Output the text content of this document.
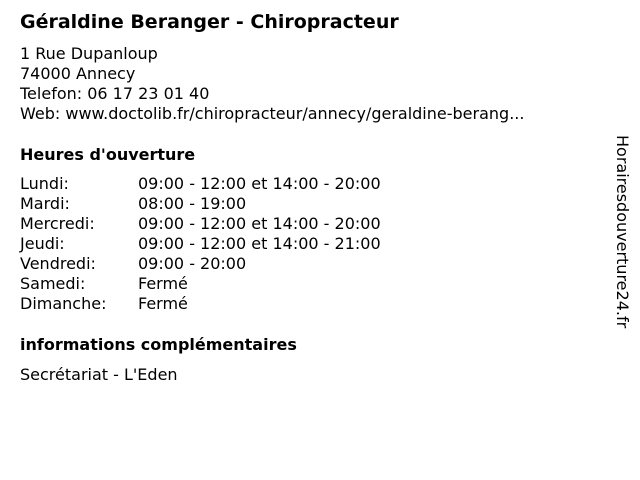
Géraldine Beranger - Chiropracteur
1 Rue Dupanloup
74000 Annecy
Telefon: 06 17 23 01 40
Web: www.doctolib.fr/chiropracteur/annecy/geraldine-berang...
Heures d'ouverture
Lundi:	09:00 - 12:00 et 14:00 - 20:00
Mardi:	08:00 - 19:00
Mercredi:	09:00 - 12:00 et 14:00 - 20:00
Jeudi:	09:00 - 12:00 et 14:00 - 21:00
Vendredi:	09:00 - 20:00
Samedi:	Fermé
Dimanche: Fermé
informations complémentaires
Secrétariat - L'Eden
Horairesdouverture24.fr
